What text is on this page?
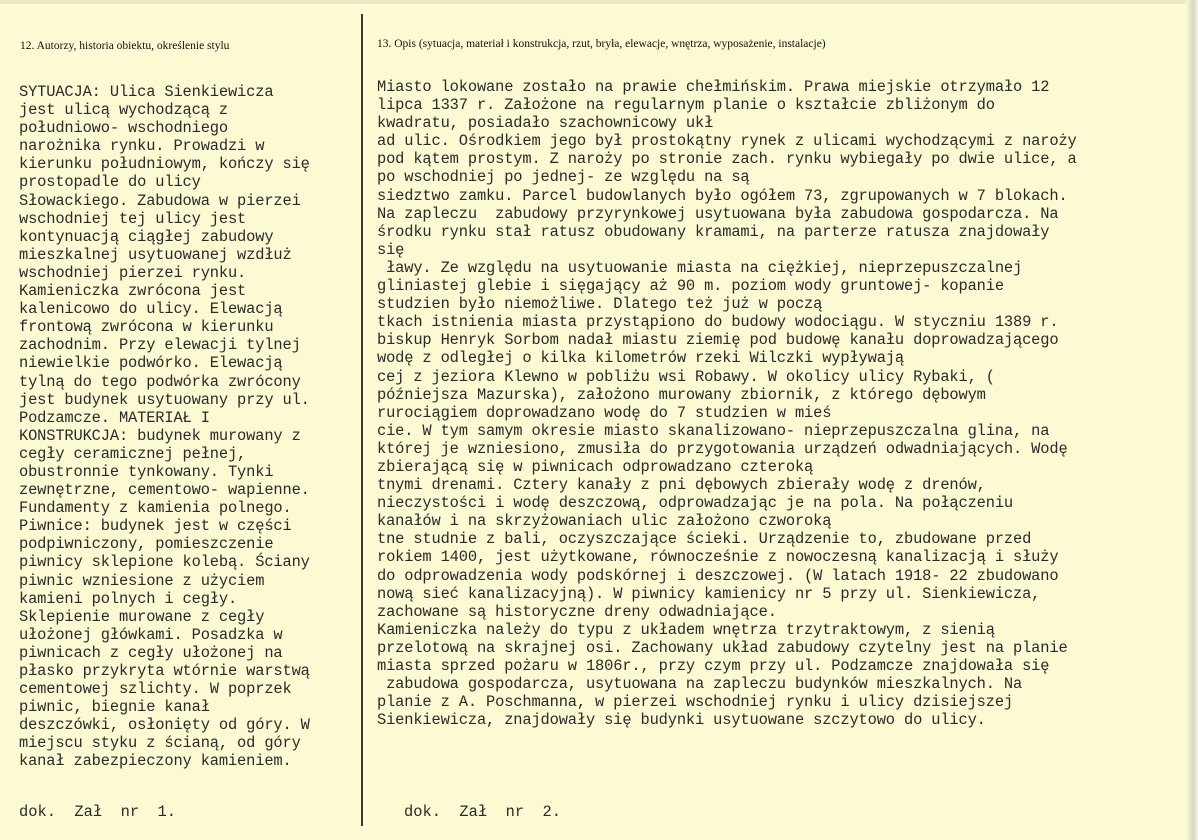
12. Autorzy, historia obiektu, określenie stylu	13. Opis (sytuacja, materiał i konstrukcja, rzut, bryła, elewacje, wnętrza, wyposażenie, instalacje)
SYTUACJA: Ulica Sienkiewicza
jest ulicą wychodzącą z
południowo- wschodniego
narożnika rynku. Prowadzi w
kierunku południowym, kończy się
prostopadle do ulicy
Słowackiego. Zabudowa w pierzei
wschodniej tej ulicy jest
kontynuacją ciągłej zabudowy
mieszkalnej usytuowanej wzdłuż
wschodniej pierzei rynku.
Kamieniczka zwrócona jest
kalenicowo do ulicy. Elewacją
frontową zwrócona w kierunku
zachodnim. Przy elewacji tylnej
niewielkie podwórko. Elewacją
tylną do tego podwórka zwrócony
jest budynek usytuowany przy ul.
Podzamcze. MATERIAŁ I
KONSTRUKCJA: budynek murowany z
cegły ceramicznej pełnej,
obustronnie tynkowany. Tynki
zewnętrzne, cementowo- wapienne.
Fundamenty z kamienia polnego.
Piwnice: budynek jest w części
podpiwniczony, pomieszczenie
piwnicy sklepione kolebą. Ściany
piwnic wzniesione z użyciem
kamieni polnych i cegły.
Sklepienie murowane z cegły
ułożonej główkami. Posadzka w
piwnicach z cegły ułożonej na
płasko przykryta wtórnie warstwą
cementowej szlichty. W poprzek
piwnic, biegnie kanał
deszczówki, osłonięty od góry. W
miejscu styku z ścianą, od góry
kanał zabezpieczony kamieniem.
Miasto lokowane zostało na prawie chełmińskim. Prawa miejskie otrzymało 12
lipca 1337 r. Założone na regularnym planie o kształcie zbliżonym do
kwadratu, posiadało szachownicowy ukł
ad ulic. Ośrodkiem jego był prostokątny rynek z ulicami wychodzącymi z naroży
pod kątem prostym. Z naroży po stronie zach. rynku wybiegały po dwie ulice, a
po wschodniej po jednej- ze względu na są
siedztwo zamku. Parcel budowlanych było ogółem 73, zgrupowanych w 7 blokach.
Na zapleczu  zabudowy przyrynkowej usytuowana była zabudowa gospodarcza. Na
środku rynku stał ratusz obudowany kramami, na parterze ratusza znajdowały
się
ławy. Ze względu na usytuowanie miasta na ciężkiej, nieprzepuszczalnej
gliniastej glebie i sięgający aż 90 m. poziom wody gruntowej- kopanie
studzien było niemożliwe. Dlatego też już w począ
tkach istnienia miasta przystąpiono do budowy wodociągu. W styczniu 1389 r.
biskup Henryk Sorbom nadał miastu ziemię pod budowę kanału doprowadzającego
wodę z odległej o kilka kilometrów rzeki Wilczki wypływają
cej z jeziora Klewno w pobliżu wsi Robawy. W okolicy ulicy Rybaki, (
późniejsza Mazurska), założono murowany zbiornik, z którego dębowym
rurociągiem doprowadzano wodę do 7 studzien w mieś
cie. W tym samym okresie miasto skanalizowano- nieprzepuszczalna glina, na
której je wzniesiono, zmusiła do przygotowania urządzeń odwadniających. Wodę
zbierającą się w piwnicach odprowadzano czteroką
tnymi drenami. Cztery kanały z pni dębowych zbierały wodę z drenów,
nieczystości i wodę deszczową, odprowadzając je na pola. Na połączeniu
kanałów i na skrzyżowaniach ulic założono czworoką
tne studnie z bali, oczyszczające ścieki. Urządzenie to, zbudowane przed
rokiem 1400, jest użytkowane, równocześnie z nowoczesną kanalizacją i służy
do odprowadzenia wody podskórnej i deszczowej. (W latach 1918- 22 zbudowano
nową sieć kanalizacyjną). W piwnicy kamienicy nr 5 przy ul. Sienkiewicza,
zachowane są historyczne dreny odwadniające.
Kamieniczka należy do typu z układem wnętrza trzytraktowym, z sienią
przelotową na skrajnej osi. Zachowany układ zabudowy czytelny jest na planie
miasta sprzed pożaru w 1806r., przy czym przy ul. Podzamcze znajdowała się
zabudowa gospodarcza, usytuowana na zapleczu budynków mieszkalnych. Na
planie z A. Poschmanna, w pierzei wschodniej rynku i ulicy dzisiejszej
Sienkiewicza, znajdowały się budynki usytuowane szczytowo do ulicy.
dok.  Zał  nr  1.	dok.  Zał  nr  2.
